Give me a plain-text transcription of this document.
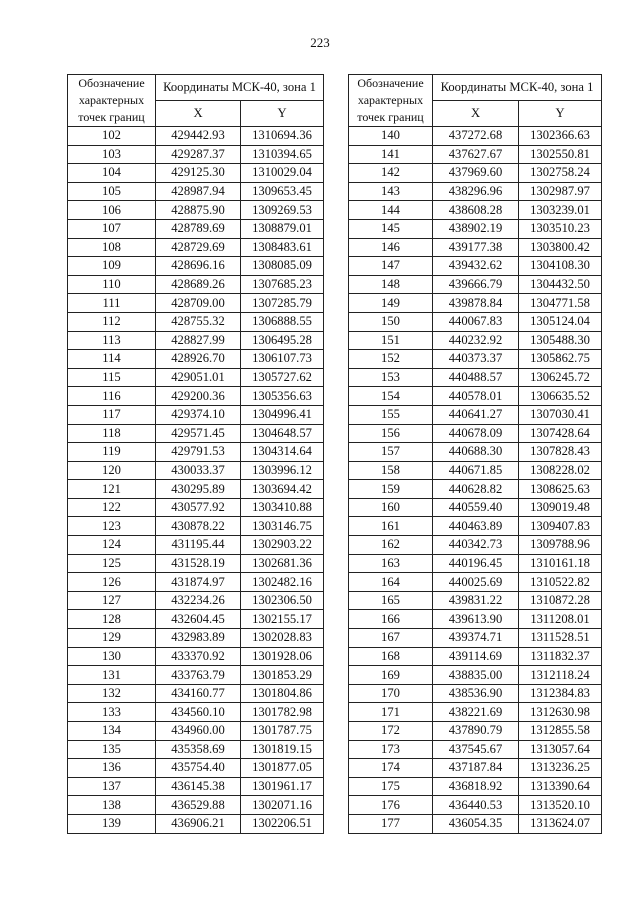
223
Обозначение
характерных
точек границ	Координаты МСК-40, зона 1	
	X	Y
102	429442.93	1310694.36
103	429287.37	1310394.65
104	429125.30	1310029.04
105	428987.94	1309653.45
106	428875.90	1309269.53
107	428789.69	1308879.01
108	428729.69	1308483.61
109	428696.16	1308085.09
110	428689.26	1307685.23
111	428709.00	1307285.79
112	428755.32	1306888.55
113	428827.99	1306495.28
114	428926.70	1306107.73
115	429051.01	1305727.62
116	429200.36	1305356.63
117	429374.10	1304996.41
118	429571.45	1304648.57
119	429791.53	1304314.64
120	430033.37	1303996.12
121	430295.89	1303694.42
122	430577.92	1303410.88
123	430878.22	1303146.75
124	431195.44	1302903.22
125	431528.19	1302681.36
126	431874.97	1302482.16
127	432234.26	1302306.50
128	432604.45	1302155.17
129	432983.89	1302028.83
130	433370.92	1301928.06
131	433763.79	1301853.29
132	434160.77	1301804.86
133	434560.10	1301782.98
134	434960.00	1301787.75
135	435358.69	1301819.15
136	435754.40	1301877.05
137	436145.38	1301961.17
138	436529.88	1302071.16
139	436906.21	1302206.51
Обозначение
характерных
точек границ	Координаты МСК-40, зона 1	
	X	Y
140	437272.68	1302366.63
141	437627.67	1302550.81
142	437969.60	1302758.24
143	438296.96	1302987.97
144	438608.28	1303239.01
145	438902.19	1303510.23
146	439177.38	1303800.42
147	439432.62	1304108.30
148	439666.79	1304432.50
149	439878.84	1304771.58
150	440067.83	1305124.04
151	440232.92	1305488.30
152	440373.37	1305862.75
153	440488.57	1306245.72
154	440578.01	1306635.52
155	440641.27	1307030.41
156	440678.09	1307428.64
157	440688.30	1307828.43
158	440671.85	1308228.02
159	440628.82	1308625.63
160	440559.40	1309019.48
161	440463.89	1309407.83
162	440342.73	1309788.96
163	440196.45	1310161.18
164	440025.69	1310522.82
165	439831.22	1310872.28
166	439613.90	1311208.01
167	439374.71	1311528.51
168	439114.69	1311832.37
169	438835.00	1312118.24
170	438536.90	1312384.83
171	438221.69	1312630.98
172	437890.79	1312855.58
173	437545.67	1313057.64
174	437187.84	1313236.25
175	436818.92	1313390.64
176	436440.53	1313520.10
177	436054.35	1313624.07
